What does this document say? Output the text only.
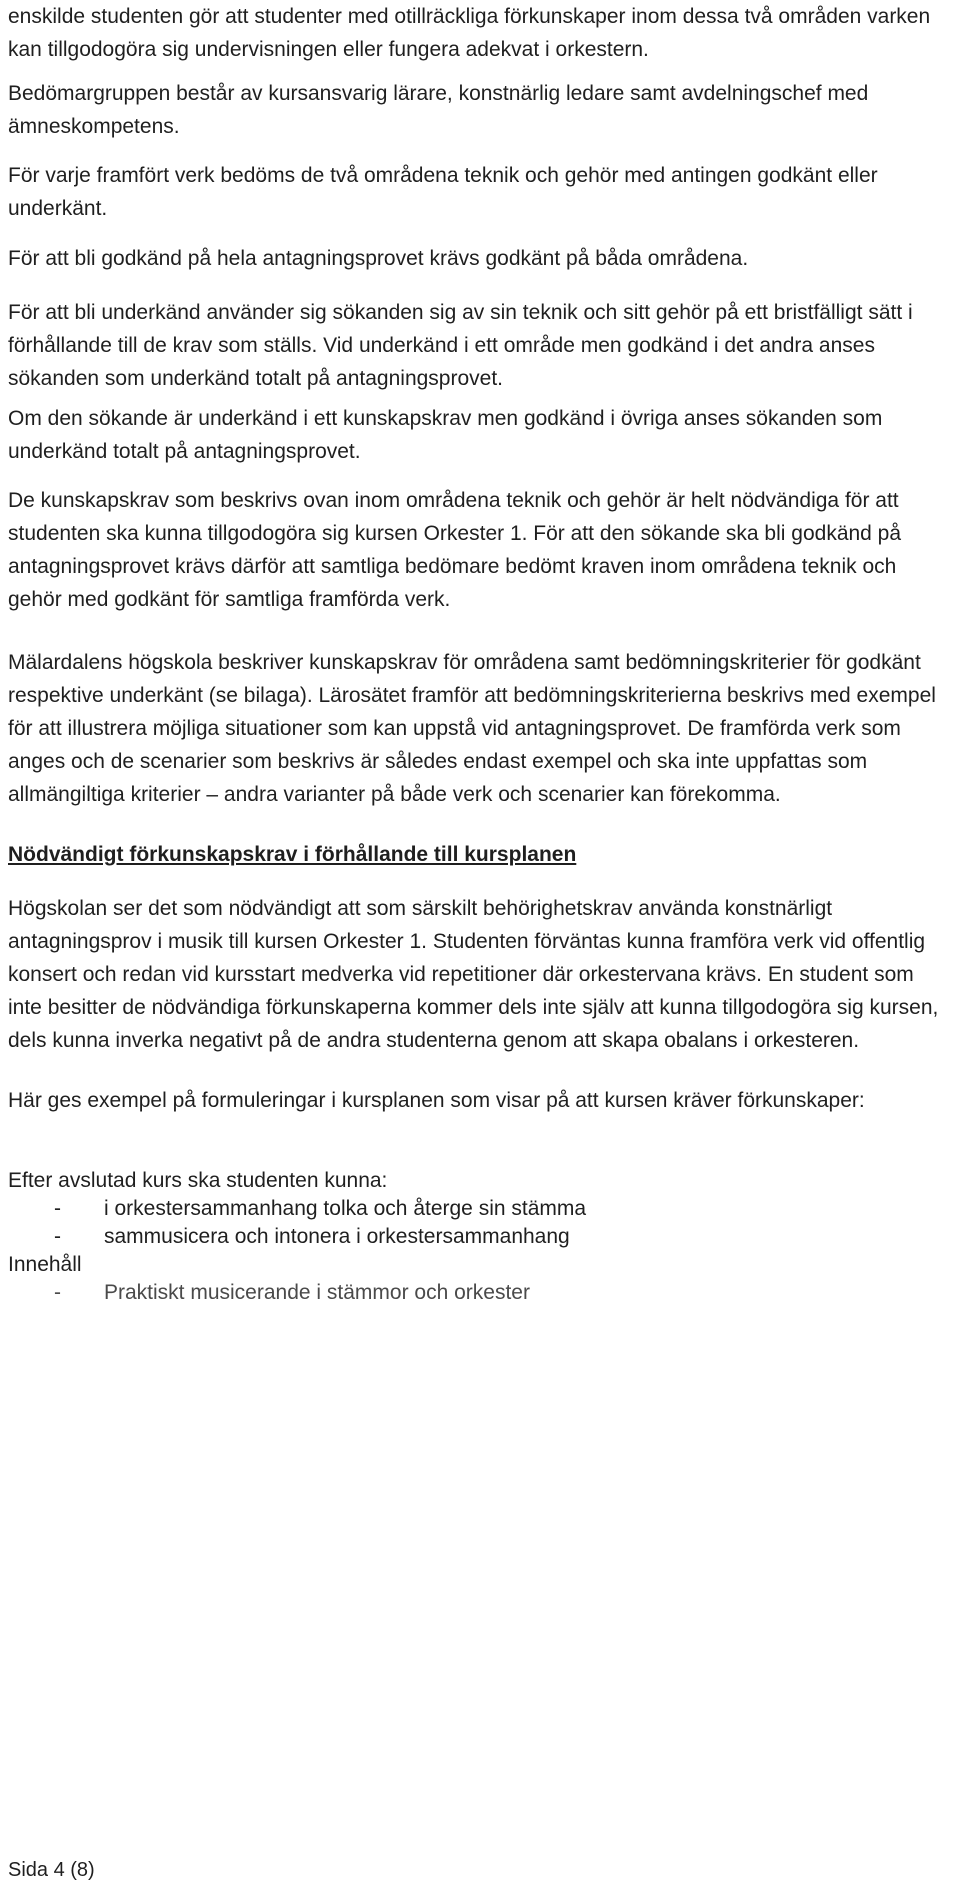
enskilde studenten gör att studenter med otillräckliga förkunskaper inom dessa två områden varken kan tillgodogöra sig undervisningen eller fungera adekvat i orkestern.

Bedömargruppen består av kursansvarig lärare, konstnärlig ledare samt avdelningschef med ämneskompetens.

För varje framfört verk bedöms de två områdena teknik och gehör med antingen godkänt eller underkänt.

För att bli godkänd på hela antagningsprovet krävs godkänt på båda områdena.

För att bli underkänd använder sig sökanden sig av sin teknik och sitt gehör på ett bristfälligt sätt i förhållande till de krav som ställs. Vid underkänd i ett område men godkänd i det andra anses sökanden som underkänd totalt på antagningsprovet.

Om den sökande är underkänd i ett kunskapskrav men godkänd i övriga anses sökanden som underkänd totalt på antagningsprovet.

De kunskapskrav som beskrivs ovan inom områdena teknik och gehör är helt nödvändiga för att studenten ska kunna tillgodogöra sig kursen Orkester 1. För att den sökande ska bli godkänd på antagningsprovet krävs därför att samtliga bedömare bedömt kraven inom områdena teknik och gehör med godkänt för samtliga framförda verk.

Mälardalens högskola beskriver kunskapskrav för områdena samt bedömningskriterier för godkänt respektive underkänt (se bilaga). Lärosätet framför att bedömningskriterierna beskrivs med exempel för att illustrera möjliga situationer som kan uppstå vid antagningsprovet. De framförda verk som anges och de scenarier som beskrivs är således endast exempel och ska inte uppfattas som allmängiltiga kriterier – andra varianter på både verk och scenarier kan förekomma.

Nödvändigt förkunskapskrav i förhållande till kursplanen

Högskolan ser det som nödvändigt att som särskilt behörighetskrav använda konstnärligt antagningsprov i musik till kursen Orkester 1. Studenten förväntas kunna framföra verk vid offentlig konsert och redan vid kursstart medverka vid repetitioner där orkestervana krävs. En student som inte besitter de nödvändiga förkunskaperna kommer dels inte själv att kunna tillgodogöra sig kursen, dels kunna inverka negativt på de andra studenterna genom att skapa obalans i orkesteren.

Här ges exempel på formuleringar i kursplanen som visar på att kursen kräver förkunskaper:

Efter avslutad kurs ska studenten kunna:

- i orkestersammanhang tolka och återge sin stämma
- sammusicera och intonera i orkestersammanhang

Innehåll

- Praktiskt musicerande i stämmor och orkester

Sida 4 (8)
